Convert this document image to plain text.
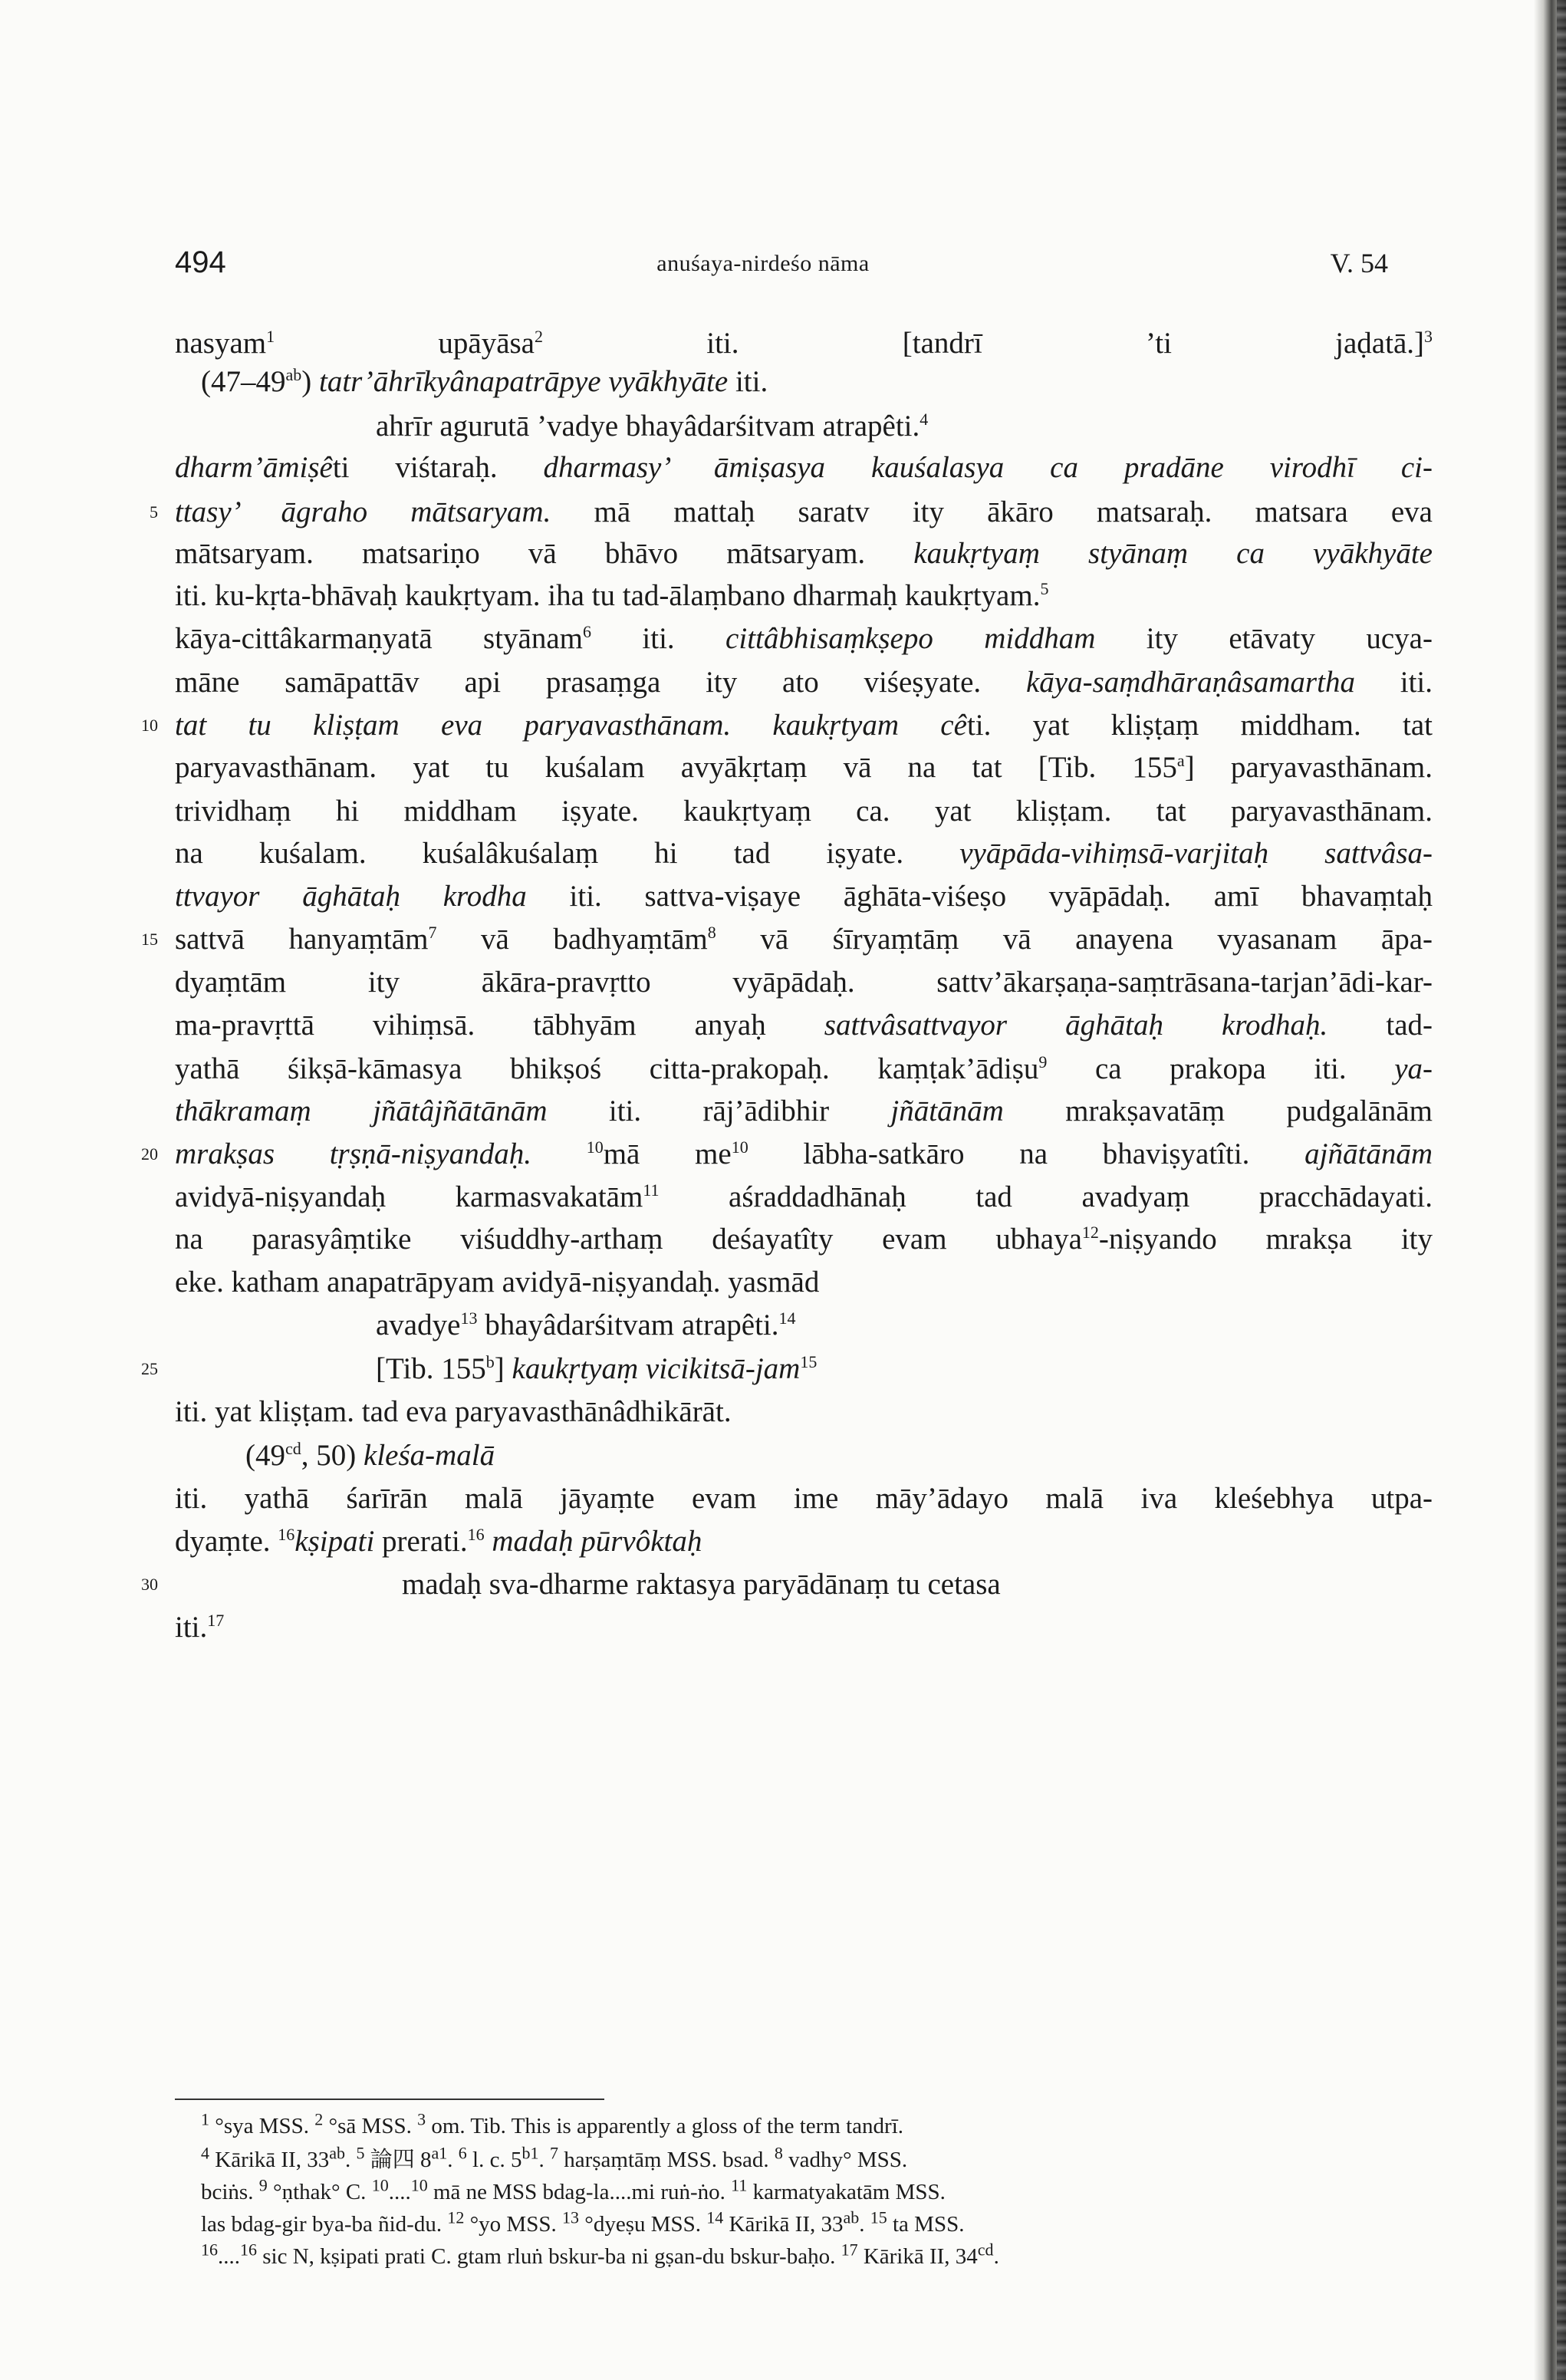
494	anuśaya-nirdeśo nāma	V. 54
nasyam$^1$ upāyāsa$^2$ iti. [tandrī ’ti jaḍatā.]$^3$
$(47-49^{ab})$ tatr’āhrīkyânapatrāpye vyākhyāte iti.
ahrīr agurutā ’vadye bhayâdarśitvam atrapêti.$^4$
dharm’āmiṣêti viśtaraḥ. dharmasy’ āmiṣasya kauśalasya ca pradāne virodhī ci-
5 ttasy’ āgraho mātsaryam. mā mattaḥ saratv ity ākāro matsaraḥ. matsara eva
mātsaryam. matsariṇo vā bhāvo mātsaryam. kaukṛtyaṃ styānaṃ ca vyākhyāte
iti. ku-kṛta-bhāvaḥ kaukṛtyam. iha tu tad-ālaṃbano dharmaḥ kaukṛtyam.$^5$
kāya-cittâkarmaṇyatā styānam$^6$ iti. cittâbhisaṃkṣepo middham ity etāvaty ucya-
māne samāpattāv api prasaṃga ity ato viśeṣyate. kāya-saṃdhāraṇâsamartha iti.
10 tat tu kliṣṭam eva paryavasthānam. kaukṛtyam cêti. yat kliṣṭaṃ middham. tat
paryavasthānam. yat tu kuśalam avyākṛtaṃ vā na tat [Tib. 155$^a$] paryavasthānam.
trividhaṃ hi middham iṣyate. kaukṛtyaṃ ca. yat kliṣṭam. tat paryavasthānam.
na kuśalam. kuśalâkuśalaṃ hi tad iṣyate. vyāpāda-vihiṃsā-varjitaḥ sattvâsa-
ttvayor āghātaḥ krodha iti. sattva-viṣaye āghāta-viśeṣo vyāpādaḥ. amī bhavaṃtaḥ
15 sattvā hanyaṃtām$^7$ vā badhyaṃtām$^8$ vā śīryaṃtāṃ vā anayena vyasanam āpa-
dyaṃtām ity ākāra-pravṛtto vyāpādaḥ. sattv’ākarṣaṇa-saṃtrāsana-tarjan’ādi-kar-
ma-pravṛttā vihiṃsā. tābhyām anyaḥ sattvâsattvayor āghātaḥ krodhaḥ. tad-
yathā śikṣā-kāmasya bhikṣoś citta-prakopaḥ. kaṃṭak’ādiṣu$^9$ ca prakopa iti. ya-
thākramaṃ jñātâjñātānām iti. rāj’ādibhir jñātānām mrakṣavatāṃ pudgalānām
20 mrakṣas tṛṣṇā-niṣyandaḥ.	$^{10}$mā $me^{10}$ lābha-satkāro na bhaviṣyatîti. ajñātānām
avidyā-niṣyandaḥ karmasvakatām$^{11}$ aśraddadhānaḥ tad avadyaṃ pracchādayati.
na parasyâṃtike viśuddhy-arthaṃ deśayatîty evam ubhaya$^{12}$-niṣyando mrakṣa ity
eke. katham anapatrāpyam avidyā-niṣyandaḥ. yasmād
avadye$^{13}$ bhayâdarśitvam atrapêti.$^{14}$
25	[Tib. 155$^b$] kaukṛtyaṃ vicikitsā-jam$^{15}$
iti. yat kliṣṭam. tad eva paryavasthānâdhikārāt.
($49^{cd}$, 50) kleśa-malā
iti. yathā śarīrān malā jāyaṃte evam ime māy’ādayo malā iva kleśebhya utpa-
dyaṃte. $^{16}$kṣipati prerati.$^{16}$ madaḥ pūrvôktaḥ
30	madaḥ sva-dharme raktasya paryādānaṃ tu cetasa
iti.$^{17}$
$^1$ °sya MSS. $^2$ °sā MSS. $^3$ om. Tib. This is apparently a gloss of the term tandrī.
$^4$ Kārikā II, $33^{ab}$. $^5$ 論四 $8^{a1}$. $^6$ l. c. $5^{b1}$. $^7$ harṣaṃtāṃ MSS. bsad. $^8$ vadhy° MSS.
bciṅs. $^9$ °ṇthak° C. $^{10}$....$^{10}$ mā ne MSS bdag-la....mi ruṅ-ṅo. $^{11}$ karmatyakatām MSS.
las bdag-gir bya-ba ñid-du. $^{12}$ °yo MSS. $^{13}$ °dyeṣu MSS. $^{14}$ Kārikā II, $33^{ab}$. $^{15}$ ta MSS.
$^{16}$....$^{16}$ sic N, kṣipati prati C. gtam rluṅ bskur-ba ni gṣan-du bskur-baḥo. $^{17}$ Kārikā II, $34^{cd}$.
